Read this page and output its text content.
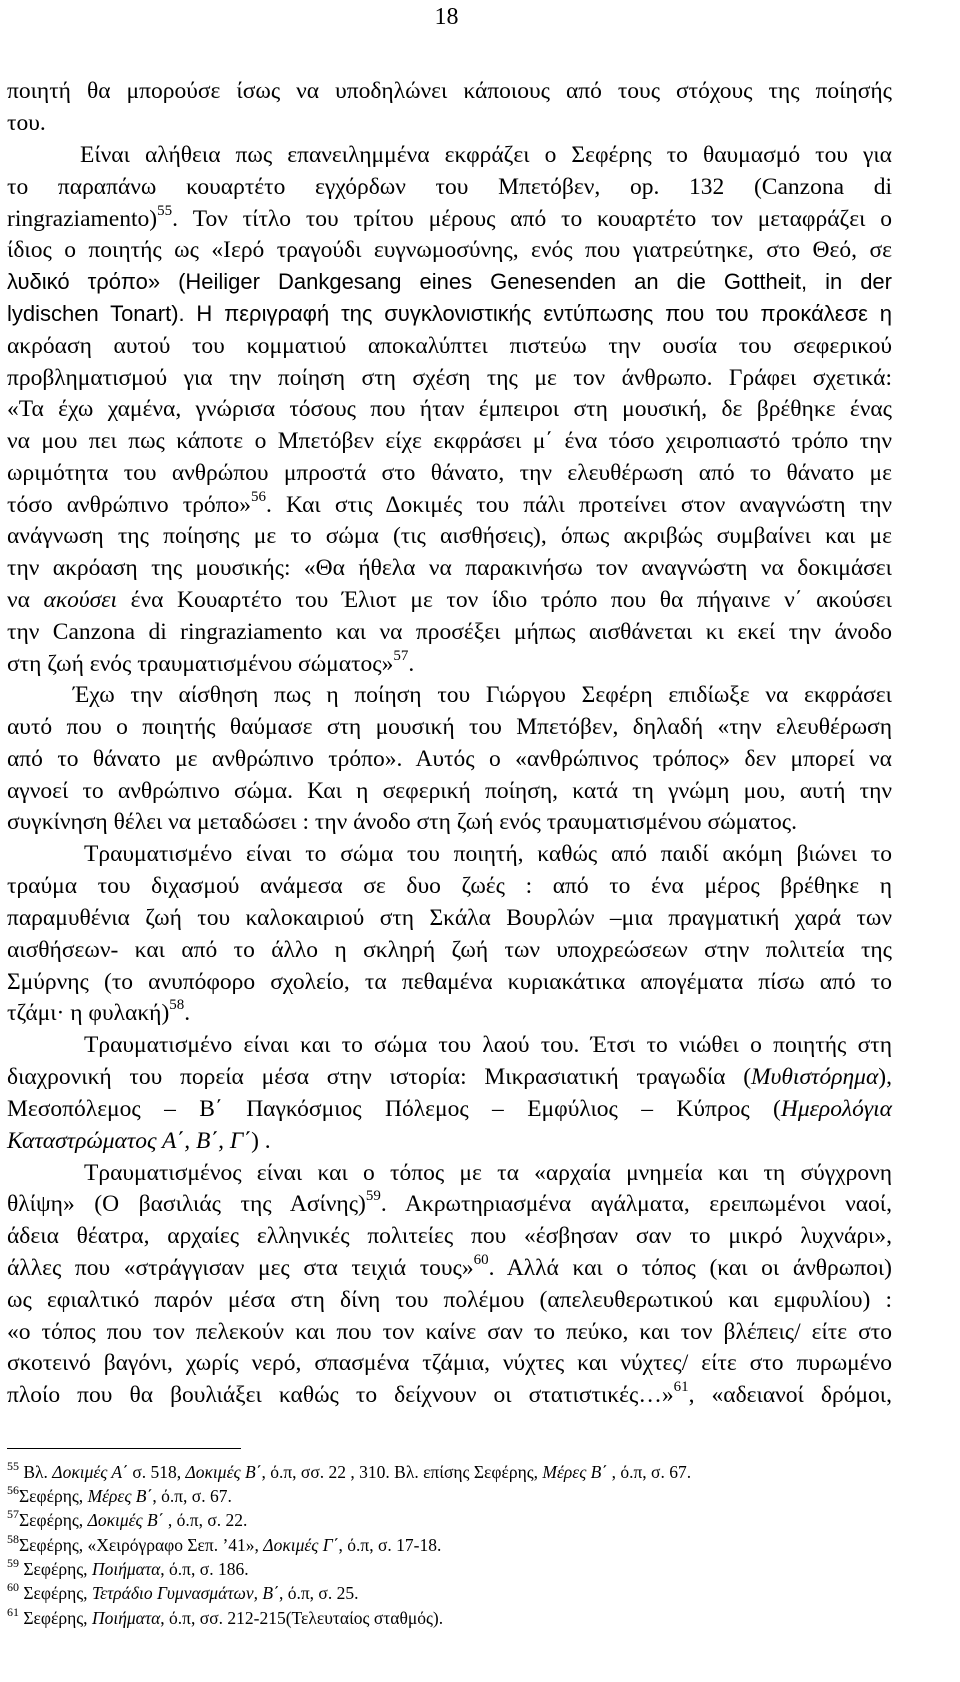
18
ποιητή θα μπορούσε ίσως να υποδηλώνει κάποιους από τους στόχους της ποίησής
του.
Είναι αλήθεια πως επανειλημμένα εκφράζει ο Σεφέρης το θαυμασμό του για
το παραπάνω κουαρτέτο εγχόρδων του Μπετόβεν, op. 132 (Canzona di
ringraziamento)$^{55}$. Τον τίτλο του τρίτου μέρους από το κουαρτέτο τον μεταφράζει ο
ίδιος ο ποιητής ως «Ιερό τραγούδι ευγνωμοσύνης, ενός που γιατρεύτηκε, στο Θεό, σε
λυδικό τρόπο» (Heiliger Dankgesang eines Genesenden an die Gottheit, in der
lydischen Tonart). Η περιγραφή της συγκλονιστικής εντύπωσης που του προκάλεσε η
ακρόαση αυτού του κομματιού αποκαλύπτει πιστεύω την ουσία του σεφερικού
προβληματισμού για την ποίηση στη σχέση της με τον άνθρωπο. Γράφει σχετικά:
«Τα έχω χαμένα, γνώρισα τόσους που ήταν έμπειροι στη μουσική, δε βρέθηκε ένας
να μου πει πως κάποτε ο Μπετόβεν είχε εκφράσει μ΄ ένα τόσο χειροπιαστό τρόπο την
ωριμότητα του ανθρώπου μπροστά στο θάνατο, την ελευθέρωση από το θάνατο με
τόσο ανθρώπινο τρόπο»$^{56}$. Και στις Δοκιμές του πάλι προτείνει στον αναγνώστη την
ανάγνωση της ποίησης με το σώμα (τις αισθήσεις), όπως ακριβώς συμβαίνει και με
την ακρόαση της μουσικής: «Θα ήθελα να παρακινήσω τον αναγνώστη να δοκιμάσει
να ακούσει ένα Κουαρτέτο του Έλιοτ με τον ίδιο τρόπο που θα πήγαινε ν΄ ακούσει
την Canzona di ringraziamento και να προσέξει μήπως αισθάνεται κι εκεί την άνοδο
στη ζωή ενός τραυματισμένου σώματος»$^{57}$.
Έχω την αίσθηση πως η ποίηση του Γιώργου Σεφέρη επιδίωξε να εκφράσει
αυτό που ο ποιητής θαύμασε στη μουσική του Μπετόβεν, δηλαδή «την ελευθέρωση
από το θάνατο με ανθρώπινο τρόπο». Αυτός ο «ανθρώπινος τρόπος» δεν μπορεί να
αγνοεί το ανθρώπινο σώμα. Και η σεφερική ποίηση, κατά τη γνώμη μου, αυτή την
συγκίνηση θέλει να μεταδώσει : την άνοδο στη ζωή ενός τραυματισμένου σώματος.
Τραυματισμένο είναι το σώμα του ποιητή, καθώς από παιδί ακόμη βιώνει το
τραύμα του διχασμού ανάμεσα σε δυο ζωές : από το ένα μέρος βρέθηκε η
παραμυθένια ζωή του καλοκαιριού στη Σκάλα Βουρλών –μια πραγματική χαρά των
αισθήσεων- και από το άλλο η σκληρή ζωή των υποχρεώσεων στην πολιτεία της
Σμύρνης (το ανυπόφορο σχολείο, τα πεθαμένα κυριακάτικα απογέματα πίσω από το
τζάμι· η φυλακή)$^{58}$.
Τραυματισμένο είναι και το σώμα του λαού του. Έτσι το νιώθει ο ποιητής στη
διαχρονική του πορεία μέσα στην ιστορία: Μικρασιατική τραγωδία (Μυθιστόρημα),
Μεσοπόλεμος – Β΄ Παγκόσμιος Πόλεμος – Εμφύλιος – Κύπρος (Ημερολόγια
Καταστρώματος Α΄, Β΄, Γ΄) .
Τραυματισμένος είναι και ο τόπος με τα «αρχαία μνημεία και τη σύγχρονη
θλίψη» (Ο βασιλιάς της Ασίνης)$^{59}$. Ακρωτηριασμένα αγάλματα, ερειπωμένοι ναοί,
άδεια θέατρα, αρχαίες ελληνικές πολιτείες που «έσβησαν σαν το μικρό λυχνάρι»,
άλλες που «στράγγισαν μες στα τειχιά τους»$^{60}$. Αλλά και ο τόπος (και οι άνθρωποι)
ως εφιαλτικό παρόν μέσα στη δίνη του πολέμου (απελευθερωτικού και εμφυλίου) :
«ο τόπος που τον πελεκούν και που τον καίνε σαν το πεύκο, και τον βλέπεις/ είτε στο
σκοτεινό βαγόνι, χωρίς νερό, σπασμένα τζάμια, νύχτες και νύχτες/ είτε στο πυρωμένο
πλοίο που θα βουλιάξει καθώς το δείχνουν οι στατιστικές…»$^{61}$, «αδειανοί δρόμοι,
$^{55}$ Βλ. Δοκιμές Α΄ σ. 518, Δοκιμές Β΄, ό.π, σσ. 22 , 310. Βλ. επίσης Σεφέρης, Μέρες Β΄ , ό.π, σ. 67.
$^{56}$Σεφέρης, Μέρες Β΄, ό.π, σ. 67.
$^{57}$Σεφέρης, Δοκιμές Β΄ , ό.π, σ. 22.
$^{58}$Σεφέρης, «Χειρόγραφο Σεπ. ’41», Δοκιμές Γ΄, ό.π, σ. 17-18.
$^{59}$ Σεφέρης, Ποιήματα, ό.π, σ. 186.
$^{60}$ Σεφέρης, Τετράδιο Γυμνασμάτων, Β΄, ό.π, σ. 25.
$^{61}$ Σεφέρης, Ποιήματα, ό.π, σσ. 212-215(Τελευταίος σταθμός).
